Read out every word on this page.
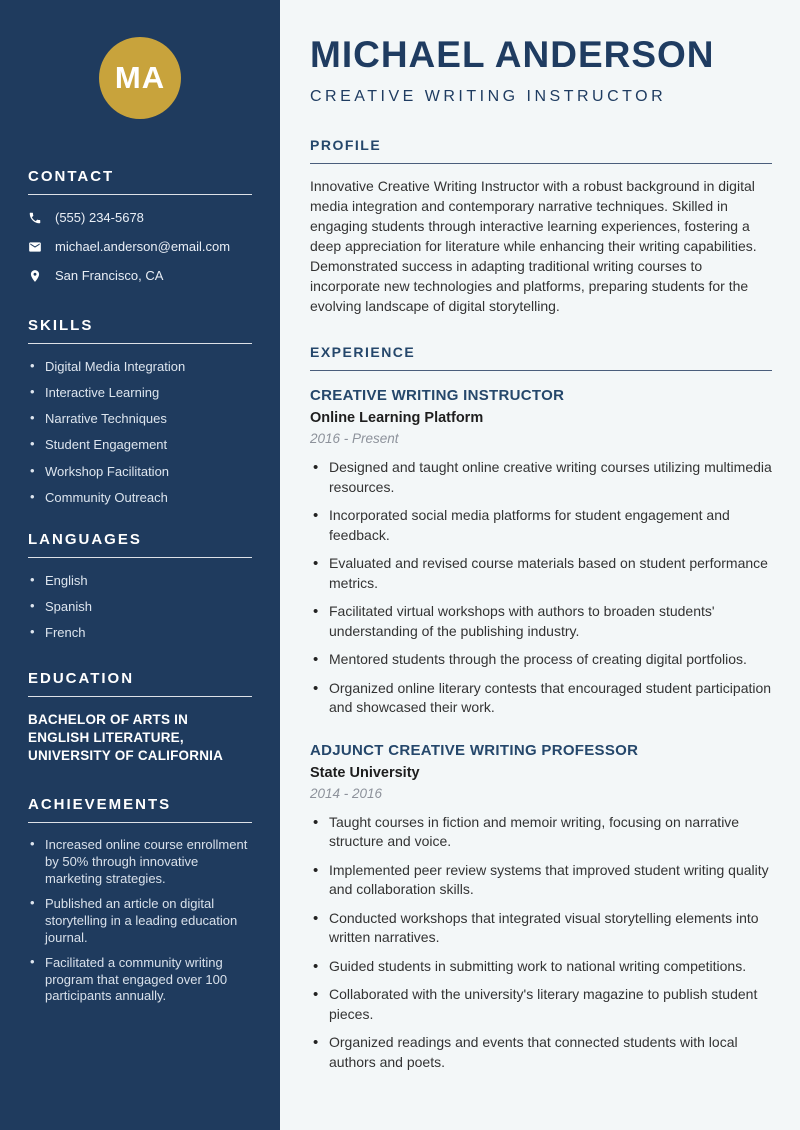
MA
CONTACT
(555) 234-5678
michael.anderson@email.com
San Francisco, CA
SKILLS
• Digital Media Integration
• Interactive Learning
• Narrative Techniques
• Student Engagement
• Workshop Facilitation
• Community Outreach
LANGUAGES
• English
• Spanish
• French
EDUCATION
BACHELOR OF ARTS IN ENGLISH LITERATURE, UNIVERSITY OF CALIFORNIA
ACHIEVEMENTS
• Increased online course enrollment by 50% through innovative marketing strategies.
• Published an article on digital storytelling in a leading education journal.
• Facilitated a community writing program that engaged over 100 participants annually.
MICHAEL ANDERSON
CREATIVE WRITING INSTRUCTOR
PROFILE

Innovative Creative Writing Instructor with a robust background in digital media integration and contemporary narrative techniques. Skilled in engaging students through interactive learning experiences, fostering a deep appreciation for literature while enhancing their writing capabilities. Demonstrated success in adapting traditional writing courses to incorporate new technologies and platforms, preparing students for the evolving landscape of digital storytelling.

EXPERIENCE
CREATIVE WRITING INSTRUCTOR
Online Learning Platform
2016 - Present
• Designed and taught online creative writing courses utilizing multimedia resources.
• Incorporated social media platforms for student engagement and feedback.
• Evaluated and revised course materials based on student performance metrics.
• Facilitated virtual workshops with authors to broaden students' understanding of the publishing industry.
• Mentored students through the process of creating digital portfolios.
• Organized online literary contests that encouraged student participation and showcased their work.
ADJUNCT CREATIVE WRITING PROFESSOR
State University
2014 - 2016
• Taught courses in fiction and memoir writing, focusing on narrative structure and voice.
• Implemented peer review systems that improved student writing quality and collaboration skills.
• Conducted workshops that integrated visual storytelling elements into written narratives.
• Guided students in submitting work to national writing competitions.
• Collaborated with the university's literary magazine to publish student pieces.
• Organized readings and events that connected students with local authors and poets.
